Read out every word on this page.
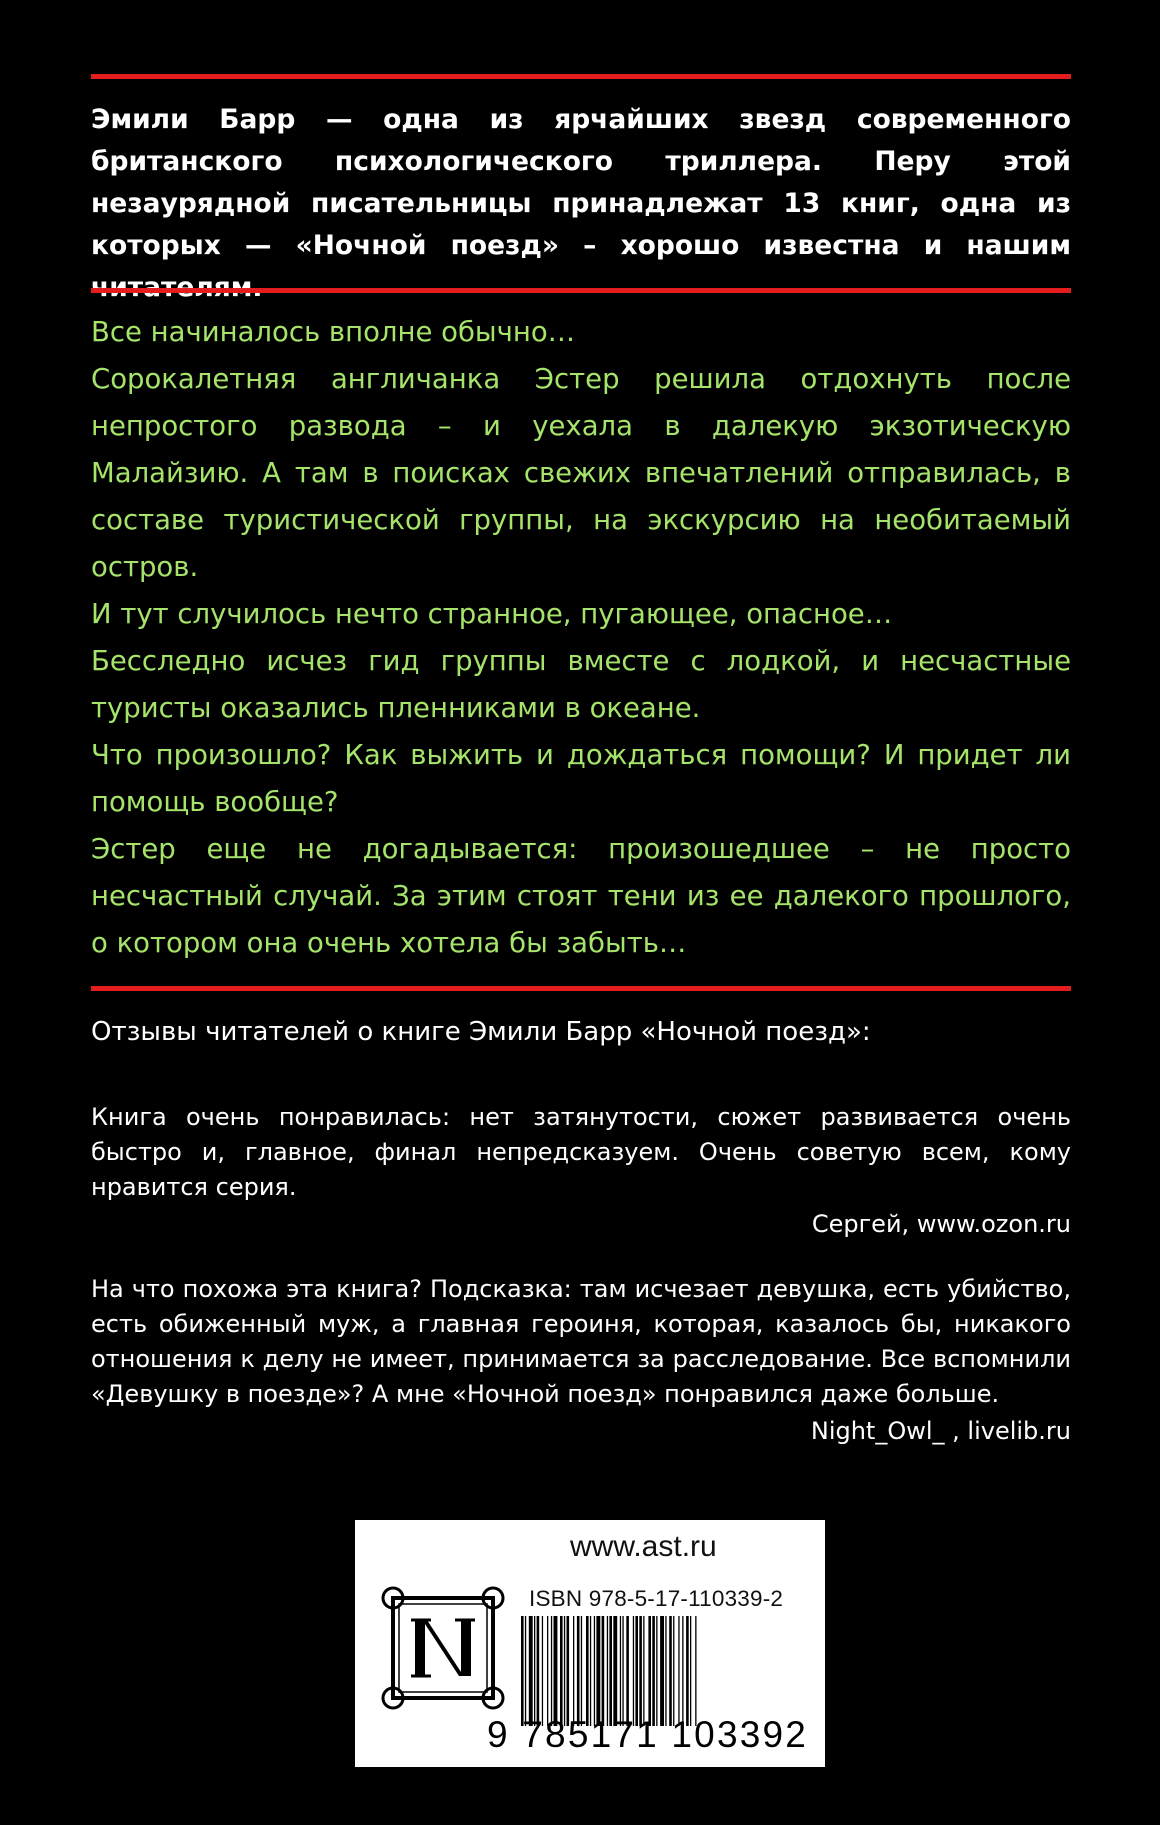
Эмили Барр — одна из ярчайших звезд современного британского психологического триллера. Перу этой незаурядной писательницы принадлежат 13 книг, одна из которых — «Ночной поезд» – хорошо известна и нашим

Все начиналось вполне обычно…

Сорокалетняя англичанка Эстер решила отдохнуть после непростого развода – и уехала в далекую экзотическую Малайзию. А там в поисках свежих впечатлений отправилась, в составе туристической группы, на экскурсию на необитаемый остров.

И тут случилось нечто странное, пугающее, опасное…

Бесследно исчез гид группы вместе с лодкой, и несчастные туристы оказались пленниками в океане.

Что произошло? Как выжить и дождаться помощи? И придет ли помощь вообще?

Эстер еще не догадывается: произошедшее – не просто несчастный случай. За этим стоят тени из ее далекого прошлого, о котором она очень хотела бы забыть…

Отзывы читателей о книге Эмили Барр «Ночной поезд»:

Книга очень понравилась: нет затянутости, сюжет развивается очень быстро и, главное, финал непредсказуем. Очень советую всем, кому нравится серия.

Сергей, www.ozon.ru

На что похожа эта книга? Подсказка: там исчезает девушка, есть убийство, есть обиженный муж, а главная героиня, которая, казалось бы, никакого отношения к делу не имеет, принимается за расследование. Все вспомнили «Девушку в поезде»? А мне «Ночной поезд» понравился даже больше.

Night_Owl_ , livelib.ru

www.ast.ru
ISBN 978-5-17-110339-2
9 785171 103392
